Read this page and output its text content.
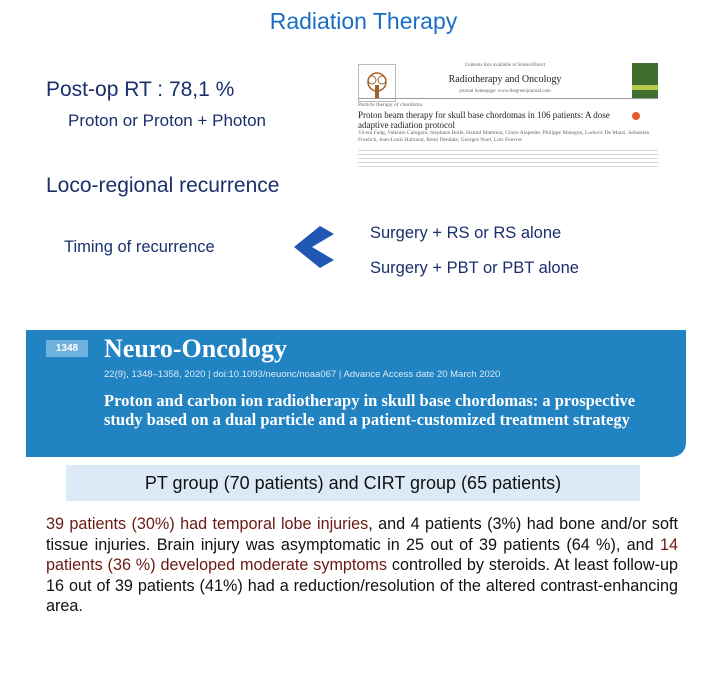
Radiation Therapy
Post-op RT : 78,1 %
Proton or Proton + Photon
Contents lists available at ScienceDirect
Radiotherapy and Oncology
journal homepage: www.thegreenjournal.com
Particle therapy of chordoma
Proton beam therapy for skull base chordomas in 106 patients: A dose adaptive radiation protocol
Vicent Fadg, Valentin Calugaru, Stephane Bolle, Hamid Mammar, Claire Alapetite, Philippe Maingon, Ludovic De Marzi, Sebastien Froelich, Jean-Louis Habrand, Remi Dendale, Georges Noel, Loic Feuvret
Loco-regional recurrence
Timing of recurrence
Surgery + RS or RS alone
Surgery + PBT or PBT alone
1348 Neuro-Oncology
22(9), 1348–1358, 2020 | doi:10.1093/neuonc/noaa067 | Advance Access date 20 March 2020
Proton and carbon ion radiotherapy in skull base chordomas: a prospective study based on a dual particle and a patient-customized treatment strategy
PT group (70 patients) and CIRT group (65 patients)
39 patients (30%) had temporal lobe injuries, and 4 patients (3%) had bone and/or soft tissue injuries. Brain injury was asymptomatic in 25 out of 39 patients (64 %), and 14 patients (36 %) developed moderate symptoms controlled by steroids. At least follow-up 16 out of 39 patients (41%) had a reduction/resolution of the altered contrast-enhancing area.
